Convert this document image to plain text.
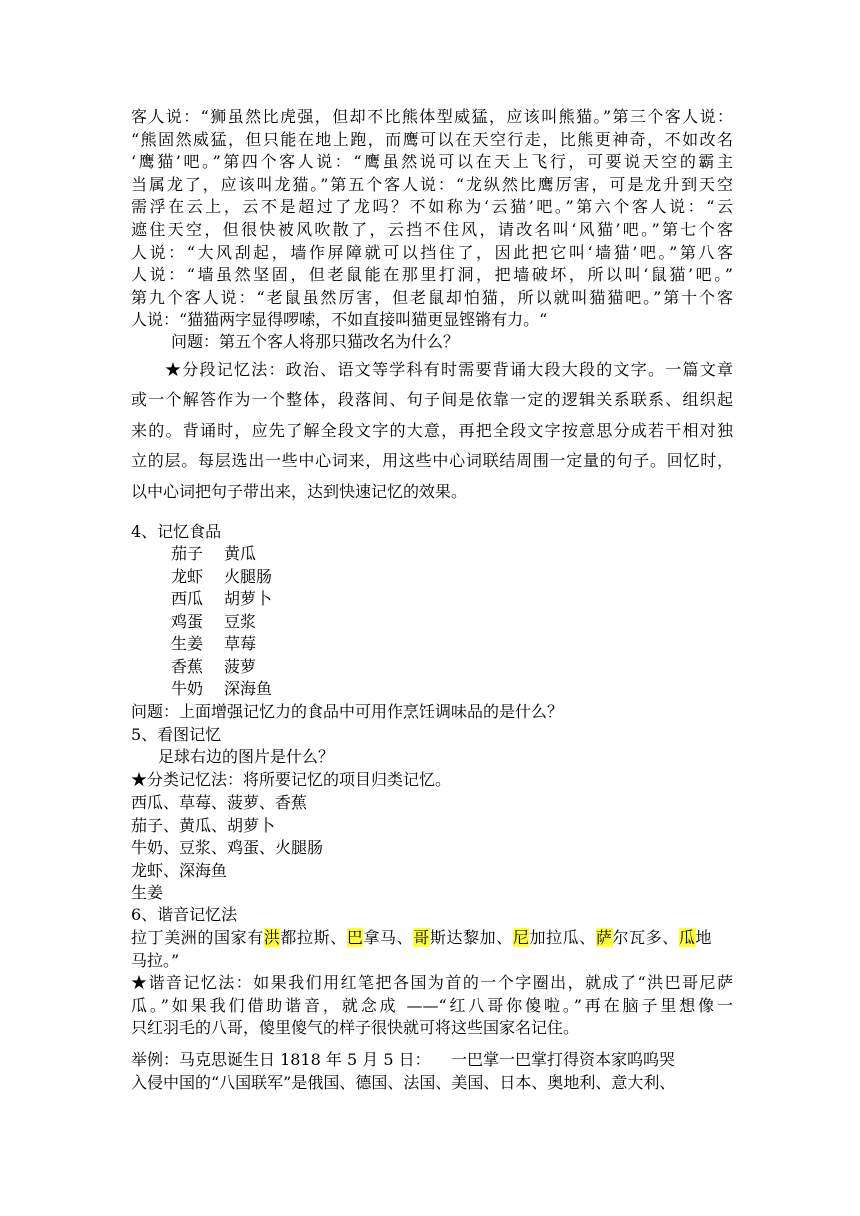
客人说：“狮虽然比虎强，但却不比熊体型威猛，应该叫熊猫。”第三个客人说：
“熊固然威猛，但只能在地上跑，而鹰可以在天空行走，比熊更神奇，不如改名
‘鹰猫’吧。”第四个客人说：“鹰虽然说可以在天上飞行，可要说天空的霸主
当属龙了，应该叫龙猫。”第五个客人说：“龙纵然比鹰厉害，可是龙升到天空
需浮在云上，云不是超过了龙吗？不如称为‘云猫’吧。”第六个客人说：“云
遮住天空，但很快被风吹散了，云挡不住风，请改名叫‘风猫’吧。”第七个客
人说：“大风刮起，墙作屏障就可以挡住了，因此把它叫‘墙猫’吧。”第八客
人说：“墙虽然坚固，但老鼠能在那里打洞，把墙破坏，所以叫‘鼠猫’吧。”
第九个客人说：“老鼠虽然厉害，但老鼠却怕猫，所以就叫猫猫吧。”第十个客
人说：“猫猫两字显得啰嗦，不如直接叫猫更显铿锵有力。“
问题：第五个客人将那只猫改名为什么？
★分段记忆法：政治、语文等学科有时需要背诵大段大段的文字。一篇文章
或一个解答作为一个整体，段落间、句子间是依靠一定的逻辑关系联系、组织起
来的。背诵时，应先了解全段文字的大意，再把全段文字按意思分成若干相对独
立的层。每层选出一些中心词来，用这些中心词联结周围一定量的句子。回忆时，
以中心词把句子带出来，达到快速记忆的效果。
4、记忆食品
茄子 黄瓜
龙虾 火腿肠
西瓜 胡萝卜
鸡蛋 豆浆
生姜 草莓
香蕉 菠萝
牛奶 深海鱼
问题：上面增强记忆力的食品中可用作烹饪调味品的是什么？
5、看图记忆
足球右边的图片是什么？
★分类记忆法：将所要记忆的项目归类记忆。
西瓜、草莓、菠萝、香蕉
茄子、黄瓜、胡萝卜
牛奶、豆浆、鸡蛋、火腿肠
龙虾、深海鱼
生姜
6、谐音记忆法
拉丁美洲的国家有洪都拉斯、巴拿马、哥斯达黎加、尼加拉瓜、萨尔瓦多、瓜地
马拉。”
★谐音记忆法：如果我们用红笔把各国为首的一个字圈出，就成了“洪巴哥尼萨
瓜。”如果我们借助谐音，就念成 ——“红八哥你傻啦。”再在脑子里想像一
只红羽毛的八哥，傻里傻气的样子很快就可将这些国家名记住。
举例：马克思诞生日 1818 年 5 月 5 日：    一巴掌一巴掌打得资本家呜呜哭
入侵中国的“八国联军”是俄国、德国、法国、美国、日本、奥地利、意大利、
